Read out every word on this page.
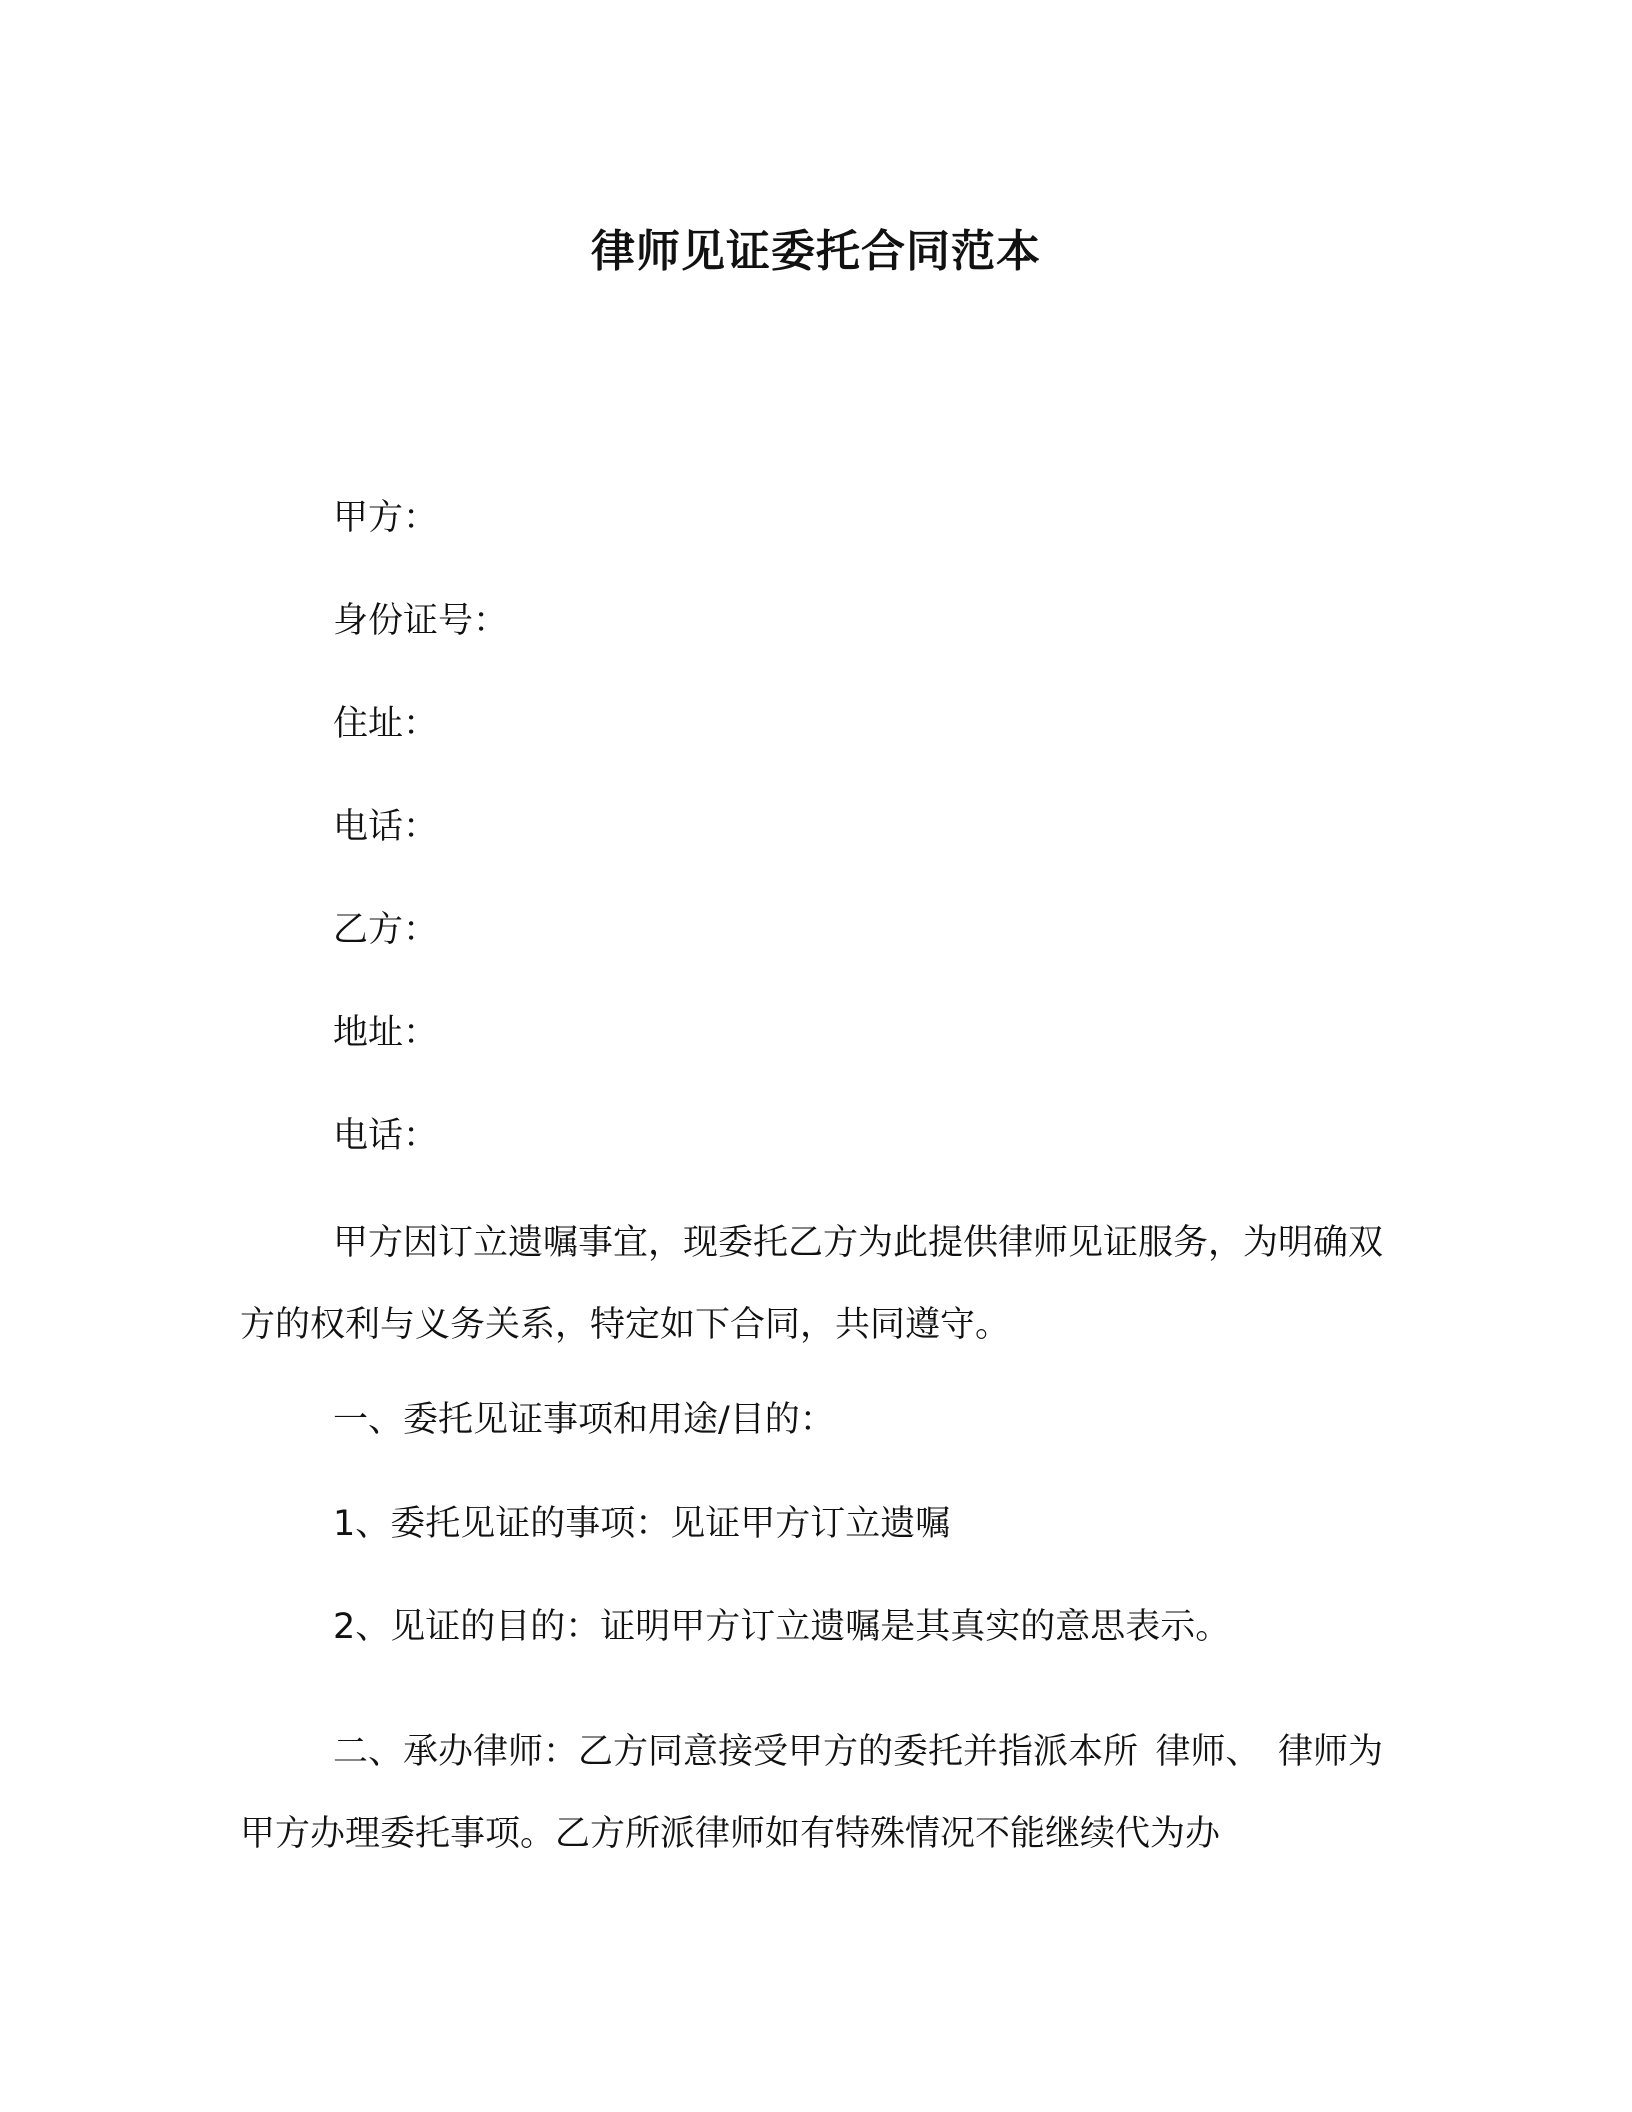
律师见证委托合同范本
甲方：
身份证号：
住址：
电话：
乙方：
地址：
电话：
甲方因订立遗嘱事宜，现委托乙方为此提供律师见证服务，为明确双方的权利与义务关系，特定如下合同，共同遵守。
一、委托见证事项和用途/目的：
1、委托见证的事项：见证甲方订立遗嘱
2、见证的目的：证明甲方订立遗嘱是其真实的意思表示。
二、承办律师：乙方同意接受甲方的委托并指派本所 律师、 律师为甲方办理委托事项。乙方所派律师如有特殊情况不能继续代为办
